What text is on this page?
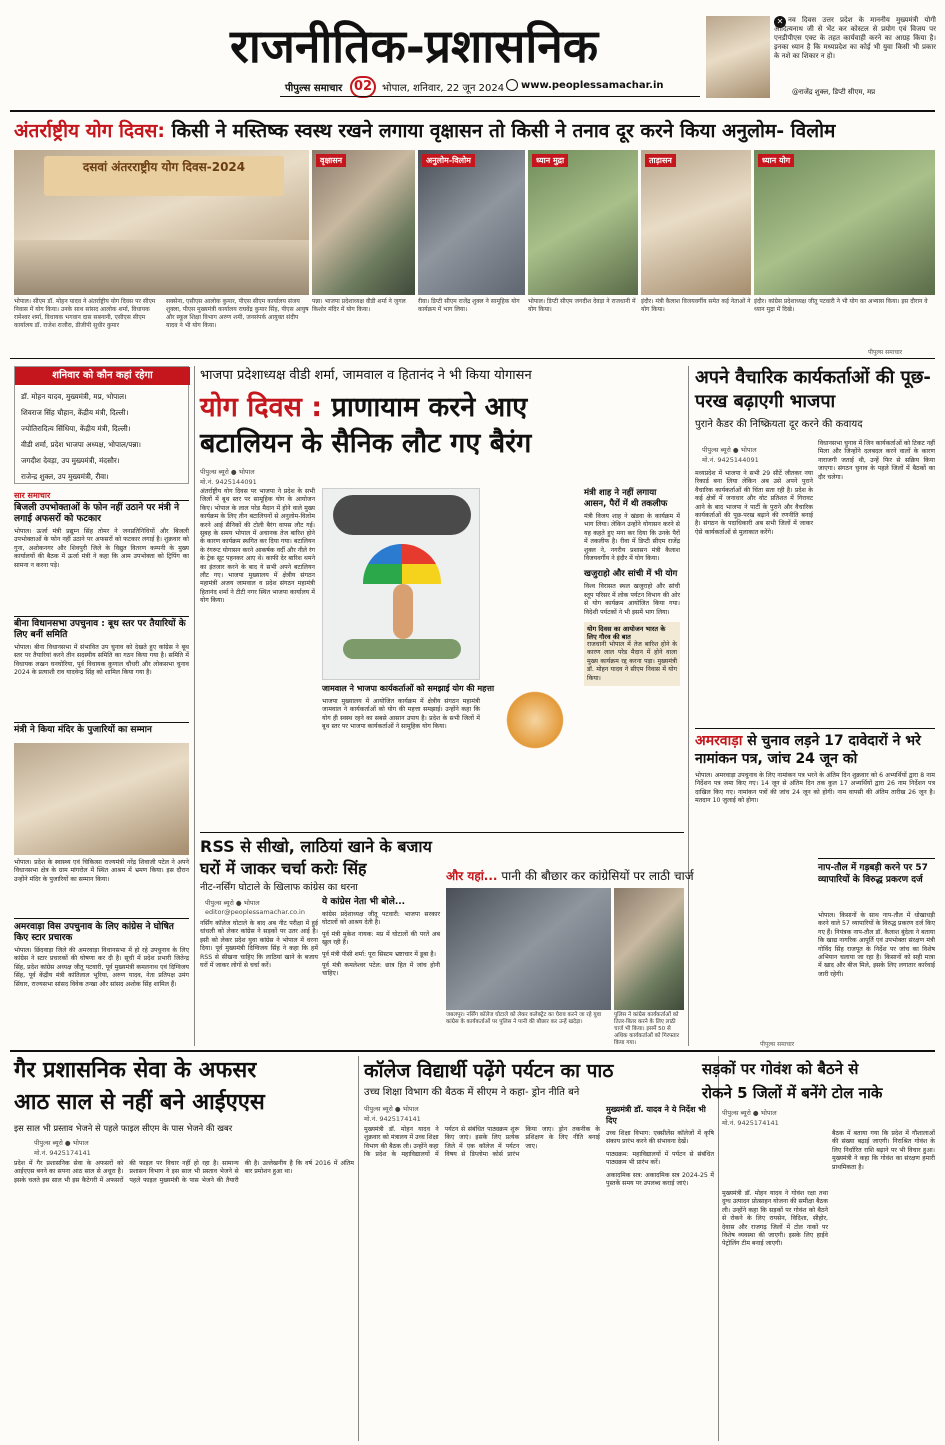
राजनीतिक-प्रशासनिक
पीपुल्स समाचार 02 भोपाल, शनिवार, 22 जून 2024 www.peoplessamachar.in
✕ नव दिवस उत्तर प्रदेश के माननीय मुख्यमंत्री योगी आदित्यनाथ जी से भेंट कर कोस्टल से प्रयोग एवं विजय पर एनडीपीएस एक्ट के तहत कार्यवाही करने का आग्रह किया है। इनका ध्यान है कि मध्यप्रदेश का कोई भी युवा किसी भी प्रकार के नशे का शिकार न हो।
@राजेंद्र शुक्ल, डिप्टी सीएम, मप्र
अंतर्राष्ट्रीय योग दिवस: किसी ने मस्तिष्क स्वस्थ रखने लगाया वृक्षासन तो किसी ने तनाव दूर करने किया अनुलोम- विलोम
दसवां अंतरराष्ट्रीय योग दिवस-2024	वृक्षासन	अनुलोम-विलोम	ध्यान मुद्रा	ताड़ासन	ध्यान योग
भोपाल। सीएम डॉ. मोहन यादव ने अंतर्राष्ट्रीय योग दिवस पर सीएम निवास में योग किया। उनके साथ सांसद आलोक शर्मा, विधायक रामेश्वर शर्मा, विधायक भगवान दास सबनानी, एसीएस सीएम कार्यालय डॉ. राजेश राजौरा, डीजीपी सुधीर कुमार
सक्सेना, एसीएस आलोक कुमार, पीएस सीएम कार्यालय संजय शुक्ला, पीएस मुख्यमंत्री कार्यालय राघवेंद्र कुमार सिंह, पीएस आयुष और स्कूल शिक्षा विभाग अरुण शमी, जनसंपर्क आयुक्त संदीप यादव ने भी योग किया।
पन्ना। भाजपा प्रदेशाध्यक्ष वीडी शर्मा ने जुगल किशोर मंदिर में योग किया।
रीवा। डिप्टी सीएम राजेंद्र शुक्ल ने सामूहिक योग कार्यक्रम में भाग लिया।
भोपाल। डिप्टी सीएम जगदीश देवड़ा ने राजधानी में योग किया।
इंदौर। मंत्री कैलाश विजयवर्गीय समेत कई नेताओं ने योग किया।
इंदौर। कांग्रेस प्रदेशाध्यक्ष जीतू पटवारी ने भी योग का अभ्यास किया। इस दौरान वे ध्यान मुद्रा में दिखे।
पीपुल्स समाचार
शनिवार को कौन कहां रहेगा
डॉ. मोहन यादव, मुख्यमंत्री, मप्र, भोपाल।
शिवराज सिंह चौहान, केंद्रीय मंत्री, दिल्ली।
ज्योतिरादित्य सिंधिया, केंद्रीय मंत्री, दिल्ली।
वीडी शर्मा, प्रदेश भाजपा अध्यक्ष, भोपाल/पन्ना।
जगदीश देवड़ा, उप मुख्यमंत्री, मंदसौर।
राजेन्द्र शुक्ल, उप मुख्यमंत्री, रीवा।
सार समाचार
बिजली उपभोक्ताओं के फोन नहीं उठाने पर मंत्री ने लगाई अफसरों को फटकार
भोपाल। ऊर्जा मंत्री प्रद्युम्न सिंह तोमर ने जनप्रतिनिधियों और बिजली उपभोक्ताओं के फोन नहीं उठाने पर अफसरों को फटकार लगाई है। शुक्रवार को गुना, अशोकनगर और शिवपुरी जिले के विद्युत वितरण कम्पनी के मुख्य कार्यालयों की बैठक में ऊर्जा मंत्री ने कहा कि आम उपभोक्ता को ट्रिपिंग का सामना न करना पड़े।
बीना विधानसभा उपचुनाव : बूथ स्तर पर तैयारियों के लिए बनीं समिति
भोपाल। बीना विधानसभा में संभावित उप चुनाव को देखते हुए कांग्रेस ने बूथ स्तर पर तैयारियां करने तीन सदस्यीय समिति का गठन किया गया है। समिति में विधायक लखन घनघोरिया, पूर्व विधायक कुणाल चौधरी और लोकसभा चुनाव 2024 के प्रत्याशी राव यादवेन्द्र सिंह को शामिल किया गया है।
मंत्री ने किया मंदिर के पुजारियों का सम्मान
भोपाल। प्रदेश के स्वास्थ्य एवं चिकित्सा राज्यमंत्री नरेंद्र शिवाजी पटेल ने अपने विधानसभा क्षेत्र के ग्राम मांगरोल में स्थित आश्रम में भ्रमण किया। इस दौरान उन्होंने मंदिर के पुजारियों का सम्मान किया।
अमरवाड़ा विस उपचुनाव के लिए कांग्रेस ने घोषित किए स्टार प्रचारक
भोपाल। छिंदवाड़ा जिले की अमरवाड़ा विधानसभा में हो रहे उपचुनाव के लिए कांग्रेस ने स्टार प्रचारकों की घोषणा कर दी है। सूची में प्रदेश प्रभारी जितेन्द्र सिंह, प्रदेश कांग्रेस अध्यक्ष जीतू पटवारी, पूर्व मुख्यमंत्री कमलनाथ एवं दिग्विजय सिंह, पूर्व केंद्रीय मंत्री कांतिलाल भूरिया, अरुण यादव, नेता प्रतिपक्ष उमंग सिंघार, राज्यसभा सांसद विवेक तन्खा और सांसद अशोक सिंह शामिल हैं।
भाजपा प्रदेशाध्यक्ष वीडी शर्मा, जामवाल व हितानंद ने भी किया योगासन
योग दिवस : प्राणायाम करने आए
बटालियन के सैनिक लौट गए बैरंग
पीपुल्स ब्यूरो ● भोपाल
मो.नं. 9425144091
अंतर्राष्ट्रीय योग दिवस पर भाजपा ने प्रदेश के सभी जिलों में बूथ स्तर पर सामूहिक योग के आयोजन किए। भोपाल के लाल परेड मैदान में होने वाले मुख्य कार्यक्रम के लिए तीन बटालियनों से अनुलोम-विलोम करने आई सैनिकों की टोली बैरंग वापस लौट गई। सुबह के समय भोपाल में अचानक तेज बारिश होने के कारण कार्यक्रम स्थगित कर दिया गया। बटालियन के रंगरूट योगासन करने आकर्षक वर्दी और नीले रंग के ट्रेक सूट पहनकर आए थे। काफी देर बारिश थमने का इंतजार करने के बाद ये सभी अपने बटालियन लौट गए। भाजपा मुख्यालय में क्षेत्रीय संगठन महामंत्री अजय जामवाल व प्रदेश संगठन महामंत्री हितानंद शर्मा ने टीटी नगर स्थित भाजपा कार्यालय में योग किया।
जामवाल ने भाजपा कार्यकर्ताओं को समझाई योग की महत्ता
भाजपा मुख्यालय में आयोजित कार्यक्रम में क्षेत्रीय संगठन महामंत्री जामवाल ने कार्यकर्ताओं को योग की महत्ता समझाई। उन्होंने कहा कि योग ही स्वस्थ रहने का सबसे आसान उपाय है। प्रदेश के सभी जिलों में बूथ स्तर पर भाजपा कार्यकर्ताओं ने सामूहिक योग किया।
मंत्री शाह ने नहीं लगाया आसन, पैरों में थी तकलीफ
मंत्री विजय शाह ने खंडवा के कार्यक्रम में भाग लिया। लेकिन उन्होंने योगासन करने से यह कहते हुए मना कर दिया कि उनके पैरों में तकलीफ है। रीवा में डिप्टी सीएम राजेंद्र शुक्ल ने, नगरीय प्रशासन मंत्री कैलाश विजयवर्गीय ने इंदौर में योग किया।
खजुराहो और सांची में भी योग
विश्व विरासत स्थल खजुराहो और सांची स्तूप परिसर में लोक पर्यटन विभाग की ओर से योग कार्यक्रम आयोजित किया गया। विदेशी पर्यटकों ने भी इसमें भाग लिया।
योग दिवस का आयोजन भारत के लिए गौरव की बात
राजधानी भोपाल में तेज बारिश होने के कारण लाल परेड मैदान में होने वाला मुख्य कार्यक्रम रद्द करना पड़ा। मुख्यमंत्री डॉ. मोहन यादव ने सीएम निवास में योग किया।
अपने वैचारिक कार्यकर्ताओं की पूछ-परख बढ़ाएगी भाजपा
पुराने कैडर की निष्क्रियता दूर करने की कवायद
पीपुल्स ब्यूरो ● भोपाल
मो.नं. 9425144091
मध्यप्रदेश में भाजपा ने सभी 29 सीटें जीतकर नया रिकार्ड बना लिया लेकिन अब उसे अपने पुराने वैचारिक कार्यकर्ताओं की चिंता सता रही है। प्रदेश के कई क्षेत्रों में जनाधार और वोट प्रतिशत में गिरावट आने के बाद भाजपा ने पार्टी के पुराने और वैचारिक कार्यकर्ताओं की पूछ-परख बढ़ाने की रणनीति बनाई है। संगठन के पदाधिकारी अब सभी जिलों में जाकर ऐसे कार्यकर्ताओं से मुलाकात करेंगे।
विधानसभा चुनाव में जिन कार्यकर्ताओं को टिकट नहीं मिला और जिन्होंने दलबदल करने वालों के कारण नाराजगी जताई थी, उन्हें फिर से सक्रिय किया जाएगा। संगठन चुनाव के पहले जिलों में बैठकों का दौर चलेगा।
अमरवाड़ा से चुनाव लड़ने 17 दावेदारों ने भरे नामांकन पत्र, जांच 24 जून को
भोपाल। अमरवाड़ा उपचुनाव के लिए नामांकन पत्र भरने के अंतिम दिन शुक्रवार को 6 अभ्यर्थियों द्वारा 8 नाम निर्देशन पत्र जमा किए गए। 14 जून से अंतिम दिन तक कुल 17 अभ्यर्थियों द्वारा 26 नाम निर्देशन पत्र दाखिल किए गए। नामांकन पत्रों की जांच 24 जून को होगी। नाम वापसी की अंतिम तारीख 26 जून है। मतदान 10 जुलाई को होगा।
नाप-तौल में गड़बड़ी करने पर 57 व्यापारियों के विरुद्ध प्रकरण दर्ज
भोपाल। किसानों के साथ नाप-तौल में धोखाधड़ी करने वाले 57 व्यापारियों के विरुद्ध प्रकरण दर्ज किए गए हैं। नियंत्रक नाप-तौल डॉ. कैलाश बुंदेला ने बताया कि खाद्य नागरिक आपूर्ति एवं उपभोक्ता संरक्षण मंत्री गोविंद सिंह राजपूत के निर्देश पर जांच का विशेष अभियान चलाया जा रहा है। किसानों को सही मात्रा में खाद और बीज मिले, इसके लिए लगातार कार्रवाई जारी रहेगी।
RSS से सीखो, लाठियां खाने के बजाय घरों में जाकर चर्चा करोः सिंह
नीट-नर्सिंग घोटाले के खिलाफ कांग्रेस का धरना
पीपुल्स ब्यूरो ● भोपाल
editor@peoplessamachar.co.in
नर्सिंग कॉलेज घोटाले के बाद अब नीट परीक्षा में हुई धांधली को लेकर कांग्रेस ने सड़कों पर उतर आई है। इसी को लेकर प्रदेश युवा कांग्रेस ने भोपाल में धरना दिया। पूर्व मुख्यमंत्री दिग्विजय सिंह ने कहा कि हमें RSS से सीखना चाहिए कि लाठियां खाने के बजाय घरों में जाकर लोगों से चर्चा करें।
ये कांग्रेस नेता भी बोले...
कांग्रेस प्रदेशाध्यक्ष जीतू पटवारी: भाजपा सरकार घोटालों को आश्रय देती है।
पूर्व मंत्री मुकेश नायक: मप्र में घोटालों की परतें अब खुल रही हैं।
पूर्व मंत्री पीसी शर्मा: पूरा सिस्टम भ्रष्टाचार में डूबा है।
पूर्व मंत्री कमलेश्वर पटेल: छात्र हित में जांच होनी चाहिए।
और यहां... पानी की बौछार कर कांग्रेसियों पर लाठी चार्ज
जबलपुर। नर्सिंग कॉलेज घोटाले को लेकर कलेक्ट्रेट का घेराव करने जा रहे युवा कांग्रेस के कार्यकर्ताओं पर पुलिस ने पानी की बौछार कर उन्हें खदेड़ा।
पुलिस ने कांग्रेस कार्यकर्ताओं को तितर-बितर करने के लिए लाठी चार्ज भी किया। इसमें 50 से अधिक कार्यकर्ताओं को गिरफ्तार किया गया।	पीपुल्स समाचार
गैर प्रशासनिक सेवा के अफसर
आठ साल से नहीं बने आईएएस
इस साल भी प्रस्ताव भेजने से पहले फाइल सीएम के पास भेजने की खबर
पीपुल्स ब्यूरो ● भोपाल
मो.नं. 9425174141
प्रदेश में गैर प्रशासनिक सेवा के अफसरों को आईएएस बनने का सपना आठ साल से अधूरा है। इसके चलते इस साल भी इस कैटेगरी में अफसरों की फाइल पर विचार नहीं हो रहा है। सामान्य प्रशासन विभाग ने इस साल भी प्रस्ताव भेजने से पहले फाइल मुख्यमंत्री के पास भेजने की तैयारी की है। उल्लेखनीय है कि वर्ष 2016 में अंतिम बार प्रमोशन हुआ था।
कॉलेज विद्यार्थी पढ़ेंगे पर्यटन का पाठ
उच्च शिक्षा विभाग की बैठक में सीएम ने कहा- ड्रोन नीति बने
पीपुल्स ब्यूरो ● भोपाल
मो.नं. 9425174141
मुख्यमंत्री डॉ. मोहन यादव ने शुक्रवार को मंत्रालय में उच्च शिक्षा विभाग की बैठक ली। उन्होंने कहा कि प्रदेश के महाविद्यालयों में पर्यटन से संबंधित पाठ्यक्रम शुरू किए जाएं। इसके लिए प्रत्येक जिले में एक कॉलेज में पर्यटन विषय से डिप्लोमा कोर्स प्रारंभ किया जाए। ड्रोन तकनीक के प्रशिक्षण के लिए नीति बनाई जाए।
मुख्यमंत्री डॉ. यादव ने ये निर्देश भी दिए
उच्च शिक्षा विभाग: एक्सीलेंस कॉलेजों में कृषि संकाय प्रारंभ करने की संभावना देखें।
पाठ्यक्रम: महाविद्यालयों में पर्यटन से संबंधित पाठ्यक्रम भी प्रारंभ करें।
अकादमिक सत्र: अकादमिक सत्र 2024-25 में पुस्तकें समय पर उपलब्ध कराई जाएं।
सड़कों पर गोवंश को बैठने से
रोकने 5 जिलों में बनेंगे टोल नाके
पीपुल्स ब्यूरो ● भोपाल
मो.नं. 9425174141
मुख्यमंत्री डॉ. मोहन यादव ने गोवंश रक्षा तथा दुग्ध उत्पादन प्रोत्साहन योजना की समीक्षा बैठक ली। उन्होंने कहा कि सड़कों पर गोवंश को बैठने से रोकने के लिए रायसेन, विदिशा, सीहोर, देवास और राजगढ़ जिलों में टोल नाकों पर विशेष व्यवस्था की जाएगी। इसके लिए हाईवे पेट्रोलिंग टीम बनाई जाएगी।
बैठक में बताया गया कि प्रदेश में गौशालाओं की संख्या बढ़ाई जाएगी। निराश्रित गोवंश के लिए निर्धारित राशि बढ़ाने पर भी विचार हुआ। मुख्यमंत्री ने कहा कि गोवंश का संरक्षण हमारी प्राथमिकता है।
